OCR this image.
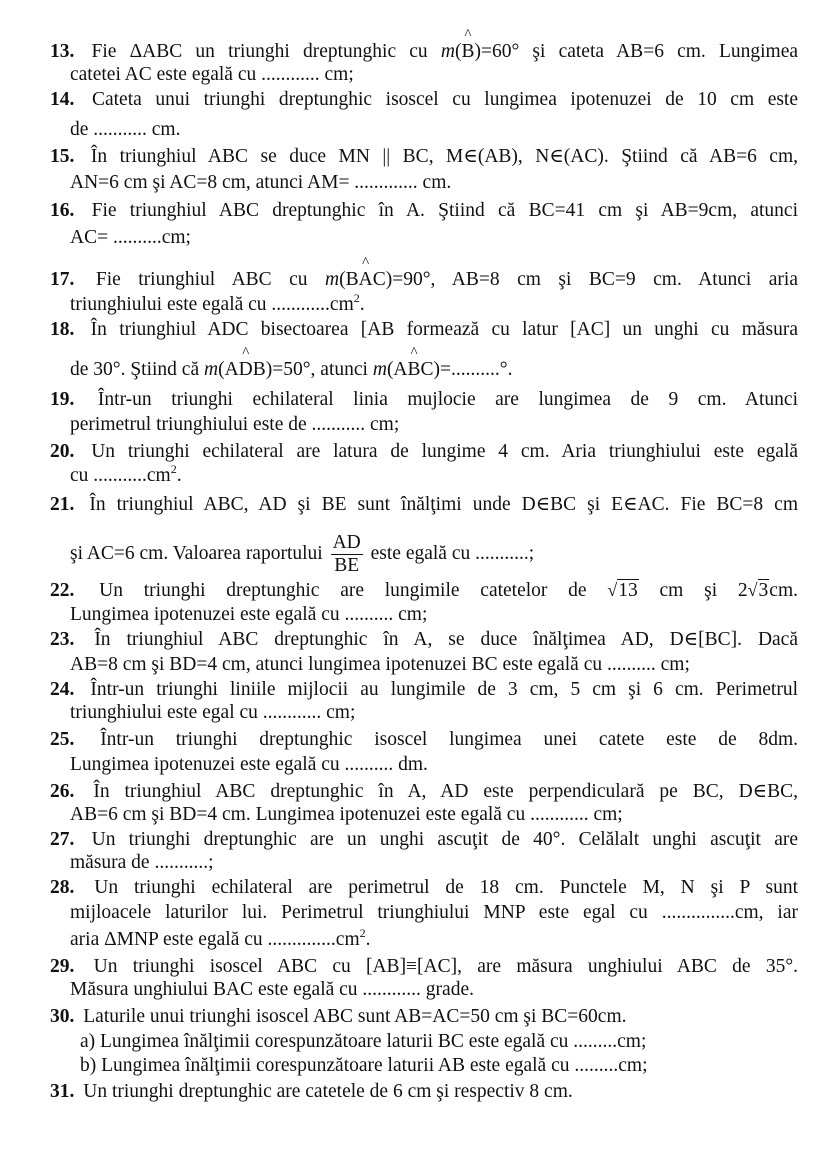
13. Fie ΔABC un triunghi dreptunghic cu m(^ B)=60° şi cateta AB=6 cm. Lungimea
catetei AC este egală cu ............ cm;
14. Cateta unui triunghi dreptunghic isoscel cu lungimea ipotenuzei de 10 cm este
de ........... cm.
15. În triunghiul ABC se duce MN || BC, M∈(AB), N∈(AC). Ştiind că AB=6 cm,
AN=6 cm şi AC=8 cm, atunci AM= ............. cm.
16. Fie triunghiul ABC dreptunghic în A. Ştiind că BC=41 cm şi AB=9cm, atunci
AC= ..........cm;
17. Fie triunghiul ABC cu m(B^ AC)=90°, AB=8 cm şi BC=9 cm. Atunci aria
triunghiului este egală cu $............cm^2$.
18. În triunghiul ADC bisectoarea [AB formează cu latur [AC] un unghi cu măsura
de 30°. Ştiind că m(A^ DB)=50°, atunci m(A^ BC)=..........°.
19. Într-un triunghi echilateral linia mujlocie are lungimea de 9 cm. Atunci
perimetrul triunghiului este de ........... cm;
20. Un triunghi echilateral are latura de lungime 4 cm. Aria triunghiului este egală
cu $...........cm^2$.
21. În triunghiul ABC, AD şi BE sunt înălţimi unde D∈BC şi E∈AC. Fie BC=8 cm
şi AC=6 cm. Valoarea raportului $\frac{AD}{BE}$ este egală cu ...........;
22. Un triunghi dreptunghic are lungimile catetelor de √13 cm şi 2√3cm.
Lungimea ipotenuzei este egală cu .......... cm;
23. În triunghiul ABC dreptunghic în A, se duce înălţimea AD, D∈[BC]. Dacă
AB=8 cm şi BD=4 cm, atunci lungimea ipotenuzei BC este egală cu .......... cm;
24. Într-un triunghi liniile mijlocii au lungimile de 3 cm, 5 cm şi 6 cm. Perimetrul
triunghiului este egal cu ............ cm;
25. Într-un triunghi dreptunghic isoscel lungimea unei catete este de 8dm.
Lungimea ipotenuzei este egală cu .......... dm.
26. În triunghiul ABC dreptunghic în A, AD este perpendiculară pe BC, D∈BC,
AB=6 cm şi BD=4 cm. Lungimea ipotenuzei este egală cu ............ cm;
27. Un triunghi dreptunghic are un unghi ascuţit de 40°. Celălalt unghi ascuţit are
măsura de ...........;
28. Un triunghi echilateral are perimetrul de 18 cm. Punctele M, N şi P sunt
mijloacele laturilor lui. Perimetrul triunghiului MNP este egal cu ...............cm, iar
aria ΔMNP este egală cu $..............cm^2$.
29. Un triunghi isoscel ABC cu [AB]≡[AC], are măsura unghiului ABC de 35°.
Măsura unghiului BAC este egală cu ............ grade.
30. Laturile unui triunghi isoscel ABC sunt AB=AC=50 cm şi BC=60cm.
a) Lungimea înălţimii corespunzătoare laturii BC este egală cu .........cm;
b) Lungimea înălţimii corespunzătoare laturii AB este egală cu .........cm;
31. Un triunghi dreptunghic are catetele de 6 cm şi respectiv 8 cm.
